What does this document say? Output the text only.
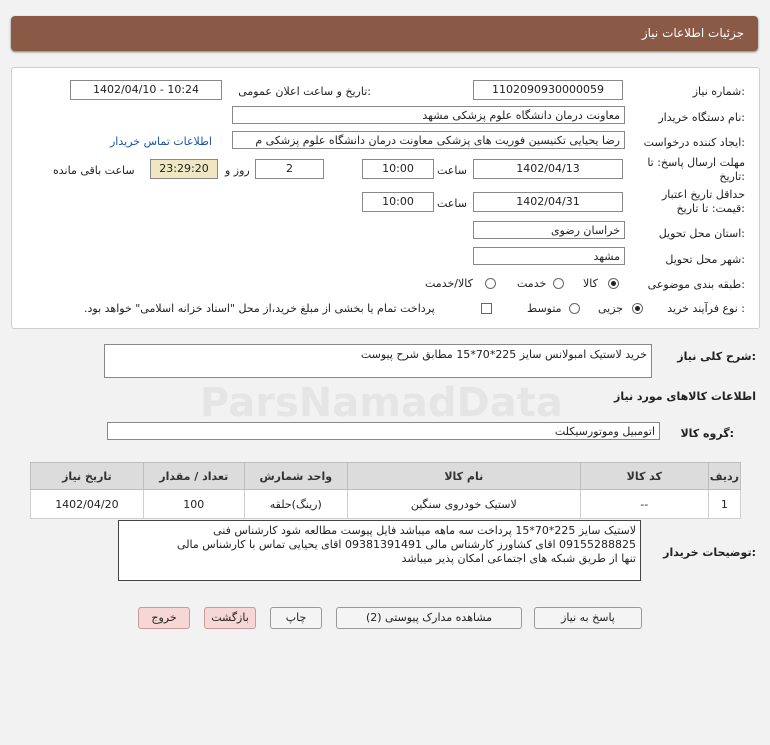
ParsNamadData
جزئیات اطلاعات نیاز
شماره نیاز:
1102090930000059
تاریخ و ساعت اعلان عمومی:
1402/04/10 - 10:24
نام دستگاه خریدار:
معاونت درمان دانشگاه علوم پزشکی مشهد
ایجاد کننده درخواست:
رضا یحیایی تکنیسین فوریت های پزشکی معاونت درمان دانشگاه علوم پزشکی م
اطلاعات تماس خریدار
مهلت ارسال پاسخ: تا
تاریخ:
1402/04/13
ساعت
10:00
روز و	2
23:29:20
ساعت باقی مانده
حداقل تاریخ اعتبار
قیمت: تا تاریخ:
1402/04/31
ساعت
10:00
استان محل تحویل:
خراسان رضوی
شهر محل تحویل:
مشهد
طبقه بندی موضوعی:
کالا
خدمت
کالا/خدمت
نوع فرآیند خرید :
جزیی
متوسط
پرداخت تمام یا بخشی از مبلغ خرید،از محل "اسناد خزانه اسلامی" خواهد بود.
شرح کلی نیاز:
خرید لاستیک امبولانس سایز 225*70*15 مطابق شرح پیوست
اطلاعات کالاهای مورد نیاز
گروه کالا:
اتومبیل وموتورسیکلت
ردیف	کد کالا	نام کالا	واحد شمارش	تعداد / مقدار	تاریخ نیاز
1	--	لاستیک خودروی سنگین	(رینگ)حلقه	100	1402/04/20
توضیحات خریدار:
لاستیک سایز 225*70*15 پرداخت سه ماهه میباشد فایل پیوست مطالعه شود کارشناس فنی
09155288825 اقای کشاورز کارشناس مالی 09381391491 اقای یحیایی تماس با کارشناس مالی
تنها از طریق شبکه های اجتماعی امکان پذیر میباشد
پاسخ به نیاز
مشاهده مدارک پیوستی (2)
چاپ
بازگشت
خروج
